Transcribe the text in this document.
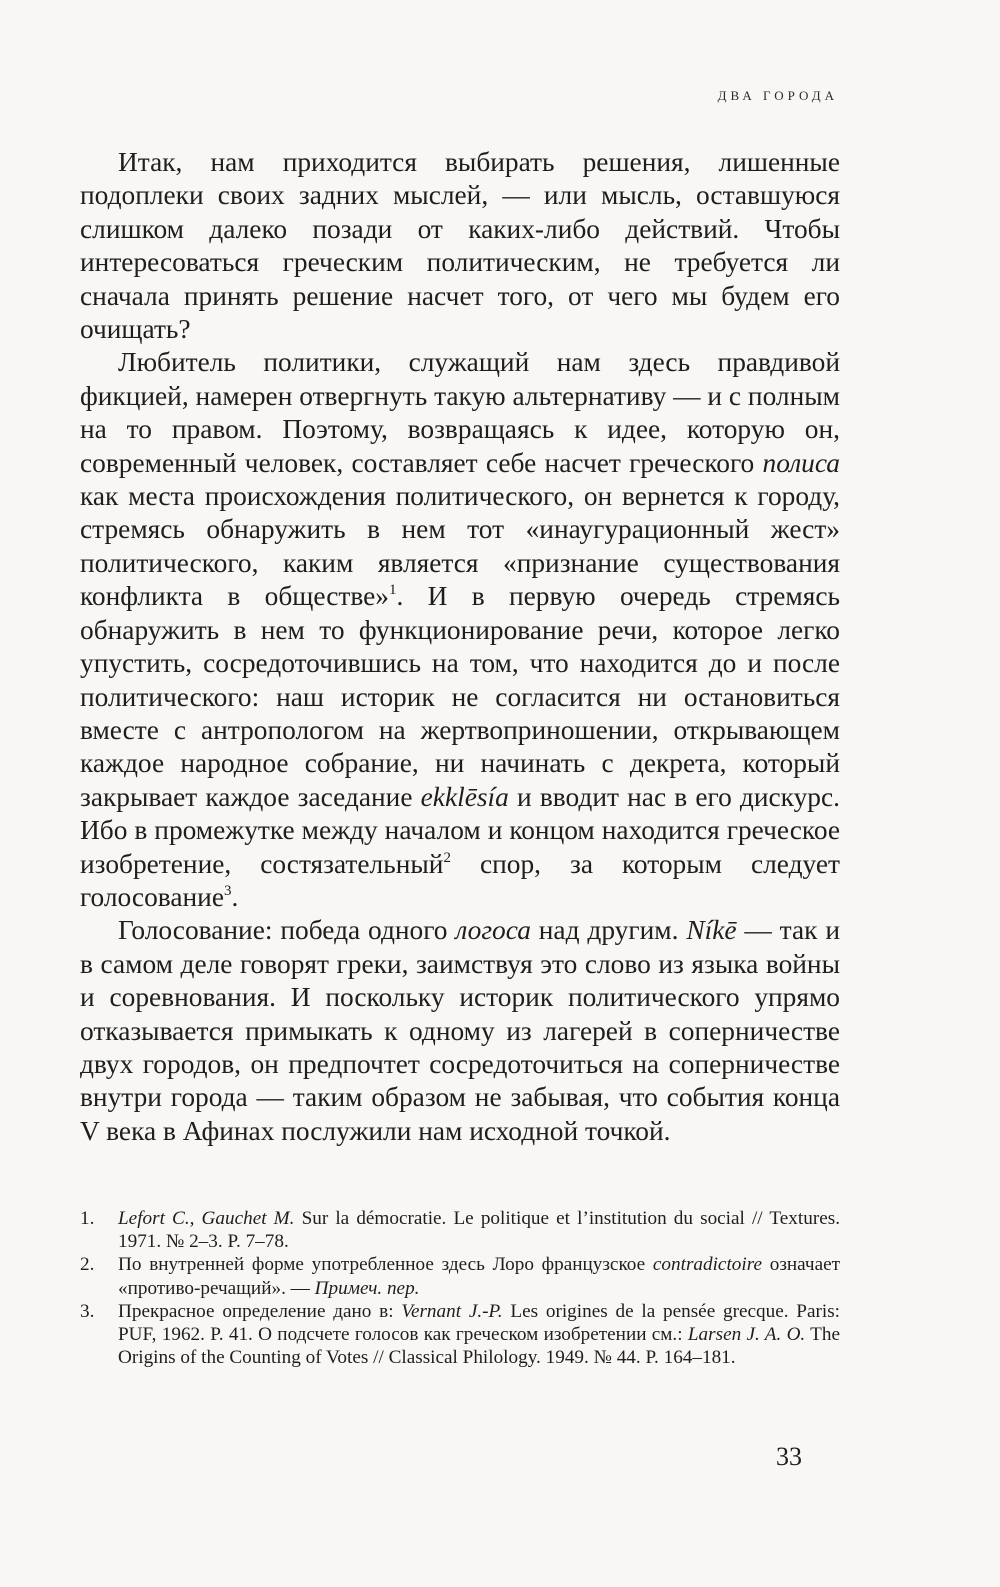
ДВА ГОРОДА

Итак, нам приходится выбирать решения, лишенные подоплеки своих задних мыслей, — или мысль, оставшуюся слишком далеко позади от каких-либо действий. Чтобы интересоваться греческим политическим, не требуется ли сначала принять решение насчет того, от чего мы будем его очищать?

Любитель политики, служащий нам здесь правдивой фикцией, намерен отвергнуть такую альтернативу — и с полным на то правом. Поэтому, возвращаясь к идее, которую он, современный человек, составляет себе насчет греческого полиса как места происхождения политического, он вернется к городу, стремясь обнаружить в нем тот «инаугурационный жест» политического, каким является «признание существования конфликта в обществе»$^1$. И в первую очередь стремясь обнаружить в нем то функционирование речи, которое легко упустить, сосредоточившись на том, что находится до и после политического: наш историк не согласится ни остановиться вместе с антропологом на жертвоприношении, открывающем каждое народное собрание, ни начинать с декрета, который закрывает каждое заседание ekklēsía и вводит нас в его дискурс. Ибо в промежутке между началом и концом находится греческое изобретение, состязательный$^2$ спор, за которым следует голосование$^3$.

Голосование: победа одного логоса над другим. Níkē — так и в самом деле говорят греки, заимствуя это слово из языка войны и соревнования. И поскольку историк политического упрямо отказывается примыкать к одному из лагерей в соперничестве двух городов, он предпочтет сосредоточиться на соперничестве внутри города — таким образом не забывая, что события конца V века в Афинах послужили нам исходной точкой.

1.	Lefort C., Gauchet M. Sur la démocratie. Le politique et l’institution du social // Textures. 1971. № 2–3. P. 7–78.
2.	По внутренней форме употребленное здесь Лоро французское contradictoire означает «противо-речащий». — Примеч. пер.
3.	Прекрасное определение дано в: Vernant J.-P. Les origines de la pensée grecque. Paris: PUF, 1962. P. 41. О подсчете голосов как греческом изобретении см.: Larsen J. A. O. The Origins of the Counting of Votes // Classical Philology. 1949. № 44. P. 164–181.
33
